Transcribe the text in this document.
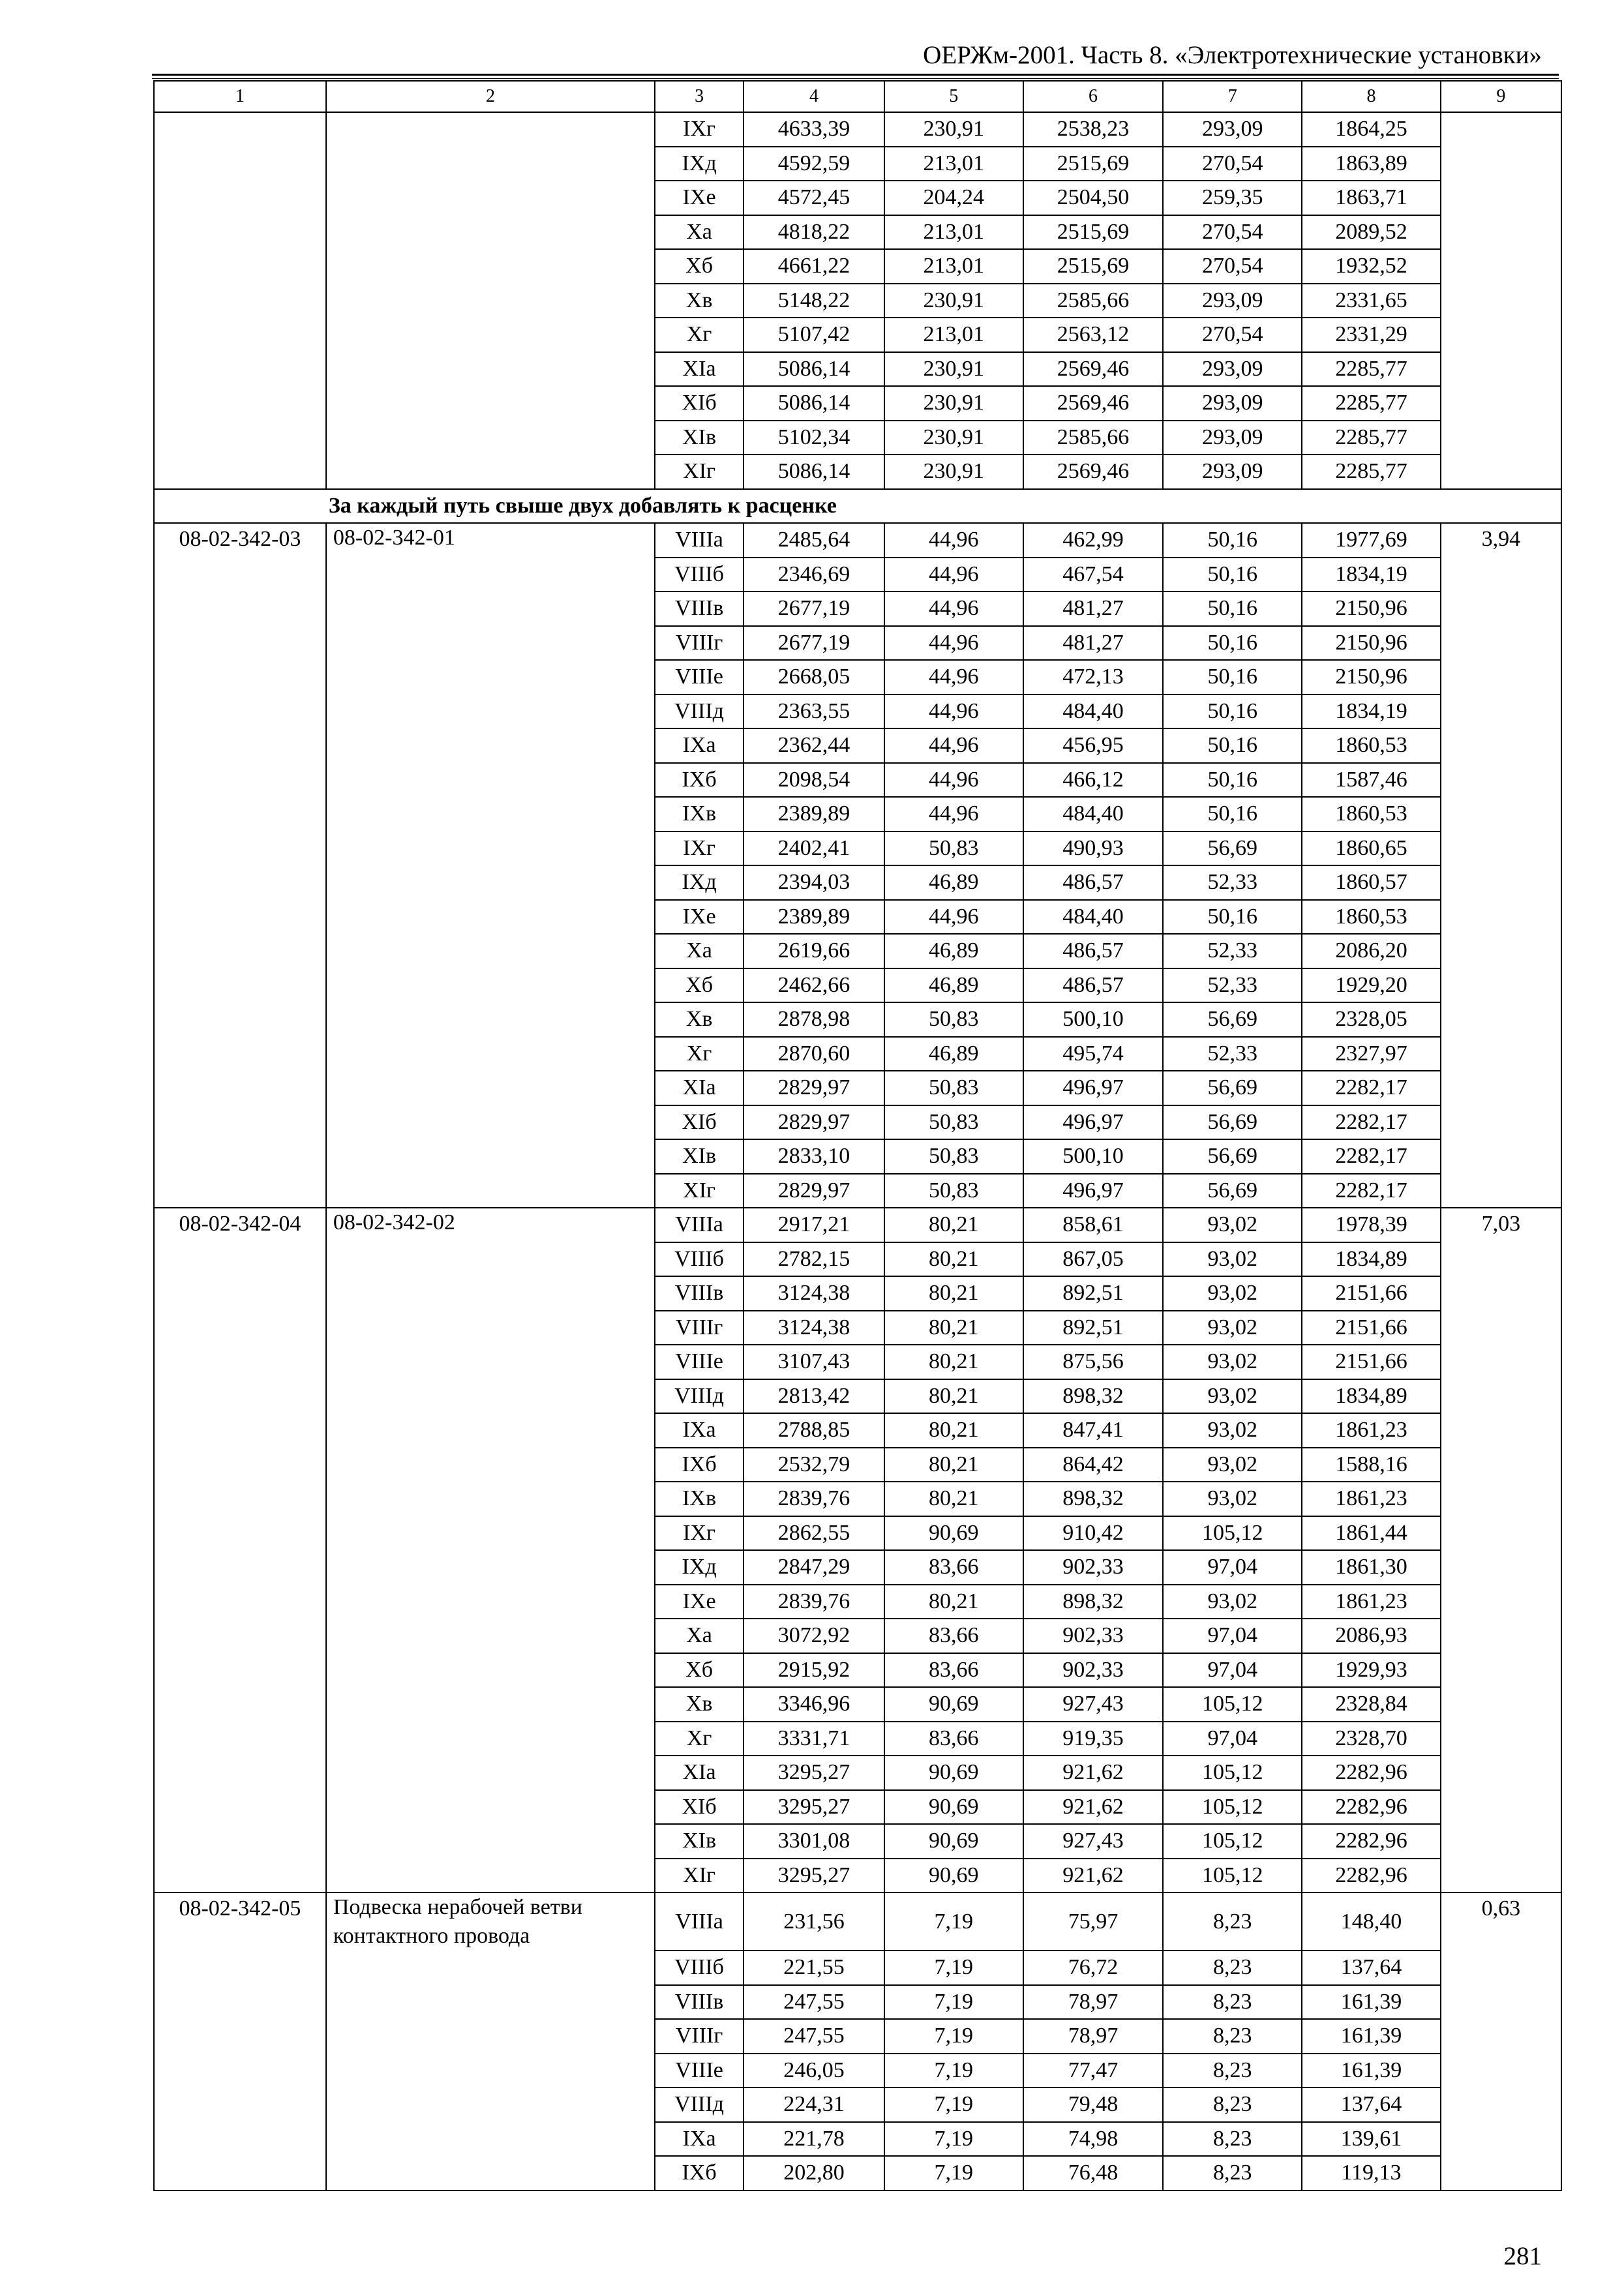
ОЕРЖм-2001. Часть 8. «Электротехнические установки»
1	2	3	4	5	6	7	8	9
		IXг	4633,39	230,91	2538,23	293,09	1864,25	
		IXд	4592,59	213,01	2515,69	270,54	1863,89	
		IXе	4572,45	204,24	2504,50	259,35	1863,71	
		Xа	4818,22	213,01	2515,69	270,54	2089,52	
		Xб	4661,22	213,01	2515,69	270,54	1932,52	
		Xв	5148,22	230,91	2585,66	293,09	2331,65	
		Xг	5107,42	213,01	2563,12	270,54	2331,29	
		XIа	5086,14	230,91	2569,46	293,09	2285,77	
		XIб	5086,14	230,91	2569,46	293,09	2285,77	
		XIв	5102,34	230,91	2585,66	293,09	2285,77	
		XIг	5086,14	230,91	2569,46	293,09	2285,77	
	За каждый путь свыше двух добавлять к расценке							
08-02-342-03	08-02-342-01	VIIIа	2485,64	44,96	462,99	50,16	1977,69	3,94
		VIIIб	2346,69	44,96	467,54	50,16	1834,19	
		VIIIв	2677,19	44,96	481,27	50,16	2150,96	
		VIIIг	2677,19	44,96	481,27	50,16	2150,96	
		VIIIе	2668,05	44,96	472,13	50,16	2150,96	
		VIIIд	2363,55	44,96	484,40	50,16	1834,19	
		IXа	2362,44	44,96	456,95	50,16	1860,53	
		IXб	2098,54	44,96	466,12	50,16	1587,46	
		IXв	2389,89	44,96	484,40	50,16	1860,53	
		IXг	2402,41	50,83	490,93	56,69	1860,65	
		IXд	2394,03	46,89	486,57	52,33	1860,57	
		IXе	2389,89	44,96	484,40	50,16	1860,53	
		Xа	2619,66	46,89	486,57	52,33	2086,20	
		Xб	2462,66	46,89	486,57	52,33	1929,20	
		Xв	2878,98	50,83	500,10	56,69	2328,05	
		Xг	2870,60	46,89	495,74	52,33	2327,97	
		XIа	2829,97	50,83	496,97	56,69	2282,17	
		XIб	2829,97	50,83	496,97	56,69	2282,17	
		XIв	2833,10	50,83	500,10	56,69	2282,17	
		XIг	2829,97	50,83	496,97	56,69	2282,17	
08-02-342-04	08-02-342-02	VIIIа	2917,21	80,21	858,61	93,02	1978,39	7,03
		VIIIб	2782,15	80,21	867,05	93,02	1834,89	
		VIIIв	3124,38	80,21	892,51	93,02	2151,66	
		VIIIг	3124,38	80,21	892,51	93,02	2151,66	
		VIIIе	3107,43	80,21	875,56	93,02	2151,66	
		VIIIд	2813,42	80,21	898,32	93,02	1834,89	
		IXа	2788,85	80,21	847,41	93,02	1861,23	
		IXб	2532,79	80,21	864,42	93,02	1588,16	
		IXв	2839,76	80,21	898,32	93,02	1861,23	
		IXг	2862,55	90,69	910,42	105,12	1861,44	
		IXд	2847,29	83,66	902,33	97,04	1861,30	
		IXе	2839,76	80,21	898,32	93,02	1861,23	
		Xа	3072,92	83,66	902,33	97,04	2086,93	
		Xб	2915,92	83,66	902,33	97,04	1929,93	
		Xв	3346,96	90,69	927,43	105,12	2328,84	
		Xг	3331,71	83,66	919,35	97,04	2328,70	
		XIа	3295,27	90,69	921,62	105,12	2282,96	
		XIб	3295,27	90,69	921,62	105,12	2282,96	
		XIв	3301,08	90,69	927,43	105,12	2282,96	
		XIг	3295,27	90,69	921,62	105,12	2282,96	
08-02-342-05	Подвеска нерабочей ветви контактного провода	VIIIа	231,56	7,19	75,97	8,23	148,40	0,63
		VIIIб	221,55	7,19	76,72	8,23	137,64	
		VIIIв	247,55	7,19	78,97	8,23	161,39	
		VIIIг	247,55	7,19	78,97	8,23	161,39	
		VIIIе	246,05	7,19	77,47	8,23	161,39	
		VIIIд	224,31	7,19	79,48	8,23	137,64	
		IXа	221,78	7,19	74,98	8,23	139,61	
		IXб	202,80	7,19	76,48	8,23	119,13	
281
